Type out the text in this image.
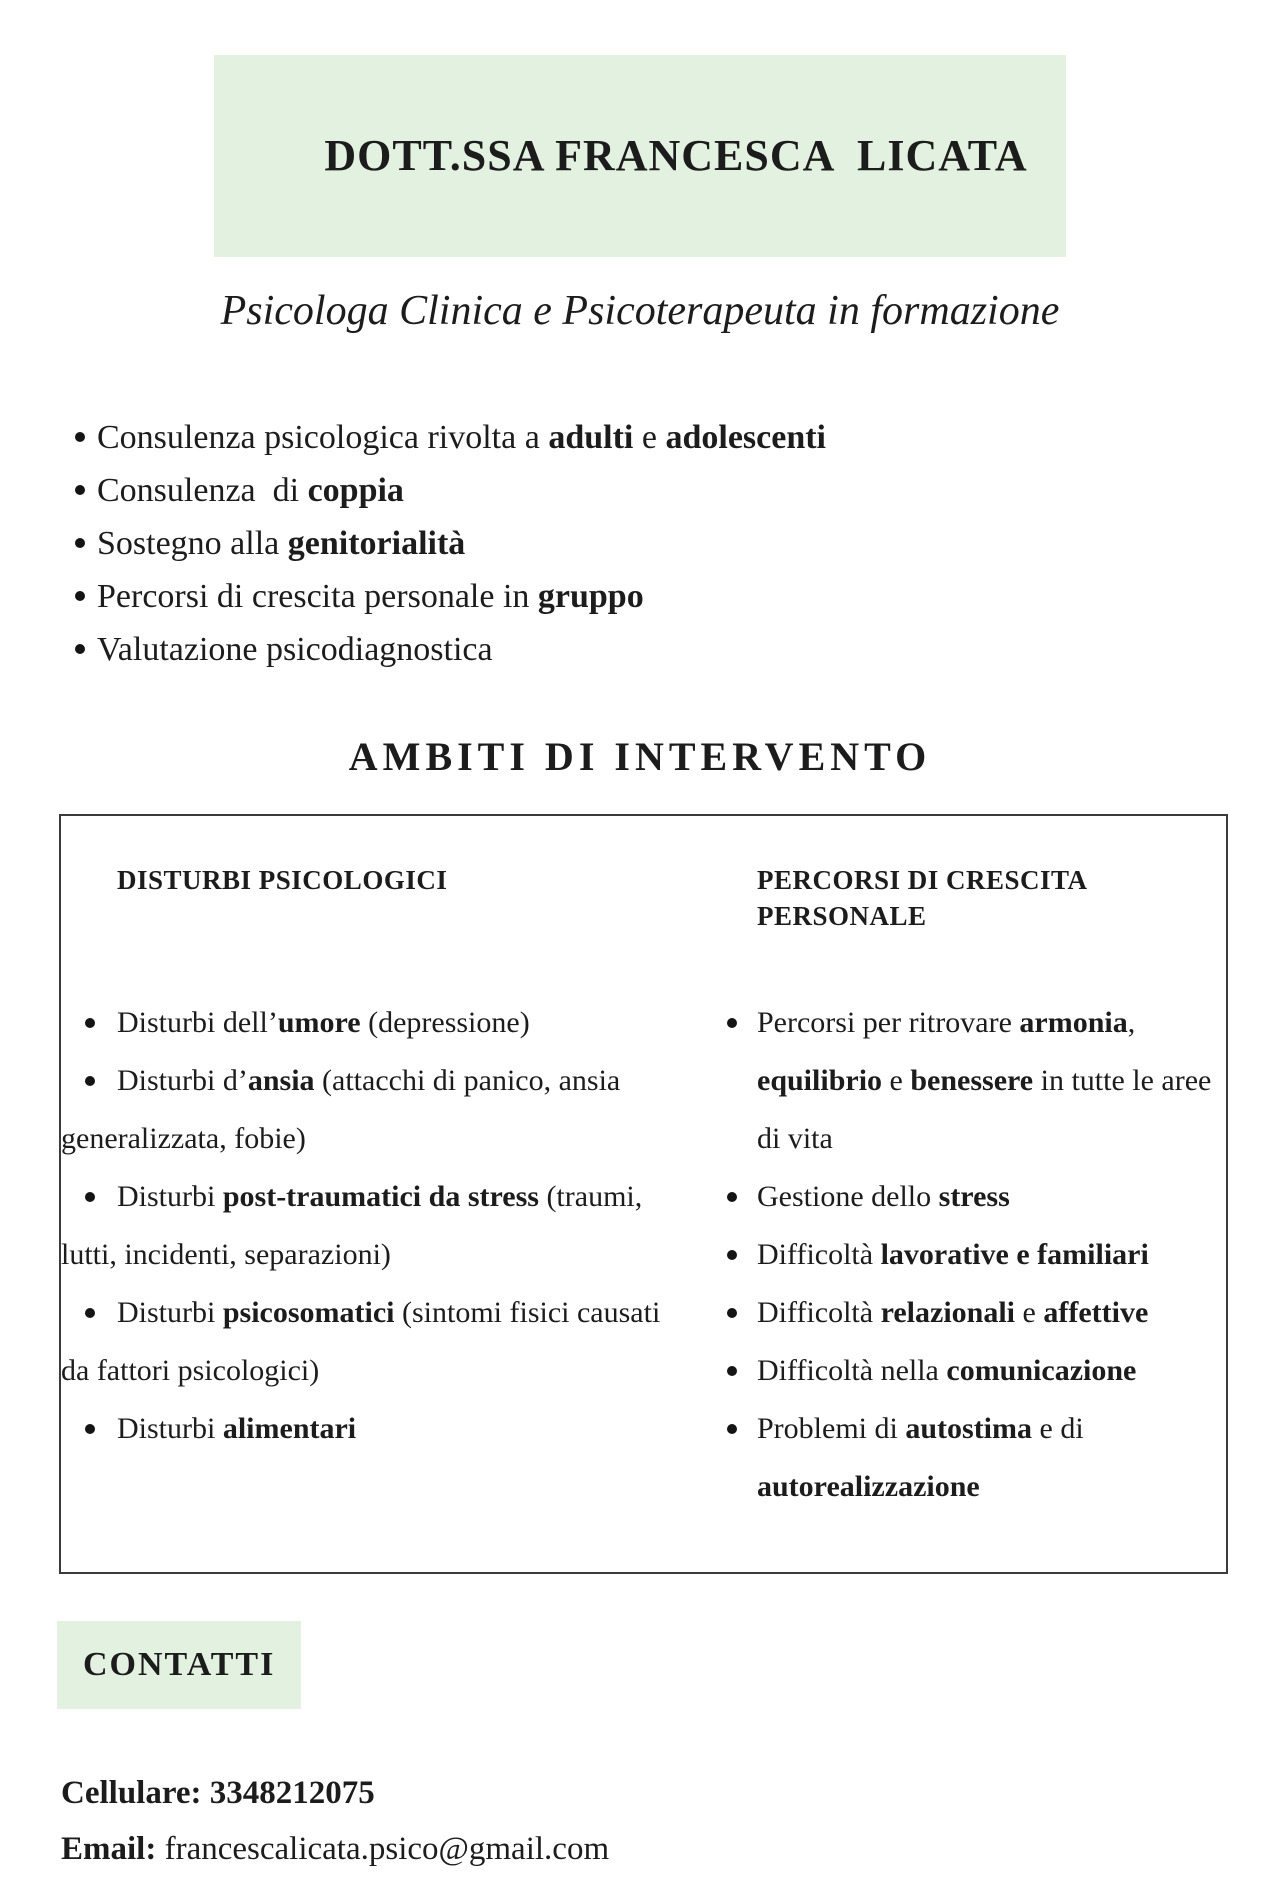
DOTT.SSA FRANCESCA  LICATA

Psicologa Clinica e Psicoterapeuta in formazione
Consulenza psicologica rivolta a adulti e adolescenti
Consulenza  di coppia
Sostegno alla genitorialità
Percorsi di crescita personale in gruppo
Valutazione psicodiagnostica
AMBITI DI INTERVENTO
DISTURBI PSICOLOGICI
Disturbi dell’umore (depressione)
Disturbi d’ansia (attacchi di panico, ansia generalizzata, fobie)
Disturbi post-traumatici da stress (traumi, lutti, incidenti, separazioni)
Disturbi psicosomatici (sintomi fisici causati da fattori psicologici)
Disturbi alimentari
PERCORSI DI CRESCITA PERSONALE
Percorsi per ritrovare armonia, equilibrio e benessere in tutte le aree di vita
Gestione dello stress
Difficoltà lavorative e familiari
Difficoltà relazionali e affettive
Difficoltà nella comunicazione
Problemi di autostima e di autorealizzazione
CONTATTI
Cellulare: 3348212075
Email: francescalicata.psico@gmail.com
